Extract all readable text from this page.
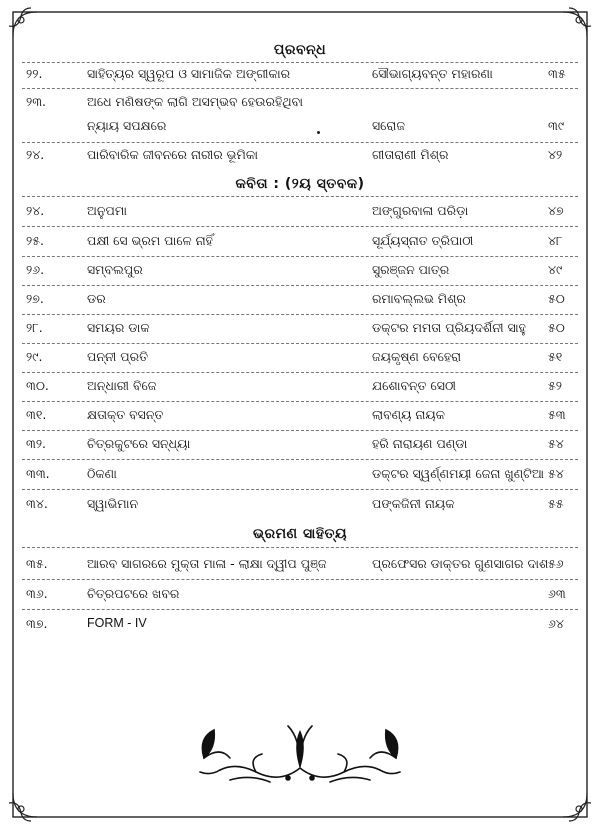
ପ୍ରବନ୍ଧ
୨୨.	ସାହିତ୍ୟର ସ୍ୱରୂପ ଓ ସାମାଜିକ ଅଙ୍ଗୀକାର	ସୌଭାଗ୍ୟବନ୍ତ ମହାରଣା	୩୫
୨୩.	ଅଧେ ମଣିଷଙ୍କ ଲାଗି ଅସମ୍ଭବ ହେଉରହିଥିବା
ନ୍ୟାୟ ସପକ୍ଷରେ	ସରୋଜ	୩୯
୨୪.	ପାରିବାରିକ ଜୀବନରେ ନାରୀର ଭୂମିକା	ଗୀତାରାଣୀ ମିଶ୍ର	୪୨
କବିତା : (୨ୟ ସ୍ତବକ)
୨୪.	ଅନୁପମା	ଅଙ୍ଗୁରବାଳା ପରିଡ଼ା	୪୭
୨୫.	ପକ୍ଷୀ ସେ ଭ୍ରମ ପାଳେ ନାହିଁ	ସୂର୍ଯ୍ୟସ୍ନାତ ତ୍ରିପାଠୀ	୪୮
୨୬.	ସମ୍ବଲପୁର	ସୁରଞ୍ଜନ ପାତ୍ର	୪୯
୨୭.	ଡର	ରମାବଲ୍ଲଭ ମିଶ୍ର	୫୦
୨୮.	ସମୟର ଡାକ	ଡକ୍ଟର ମମତା ପ୍ରିୟଦର୍ଶିନୀ ସାହୁ ୫୦
୨୯.	ପନ୍ନୀ ପ୍ରତି	ଜୟକୃଷ୍ଣ ବେହେରା	୫୧
୩୦.	ଅନ୍ଧାରୀ ବିଜେ	ଯଶୋବନ୍ତ ସେଠୀ	୫୨
୩୧.	କ୍ଷତାକ୍ତ ବସନ୍ତ	ଲାବଣ୍ୟ ନାୟକ	୫୩
୩୨.	ଚିତ୍ରକୁଟରେ ସନ୍ଧ୍ୟା	ହରି ନାରାୟଣ ପଣ୍ଡା	୫୪
୩୩.	ଠିକଣା	ଡକ୍ଟର ସ୍ୱର୍ଣ୍ଣମୟୀ ଜେନା ଖୁଣ୍ଟିଆ ୫୪
୩୪.	ସ୍ୱାଭିମାନ	ପଙ୍କଜିନୀ ନାୟକ	୫୫
ଭ୍ରମଣ ସାହିତ୍ୟ
୩୫.	ଆରବ ସାଗରରେ ମୁକ୍ତା ମାଳା - ଲାକ୍ଷା ଦ୍ୱୀପ ପୁଞ୍ଜ	ପ୍ରଫେସର ଡାକ୍ତର ଗୁଣସାଗର ଦାଶ ୫୬
୩୬.	ଚିତ୍ରପଟରେ ଖବର	୬୩
୩୭.	FORM - IV	୬୪
